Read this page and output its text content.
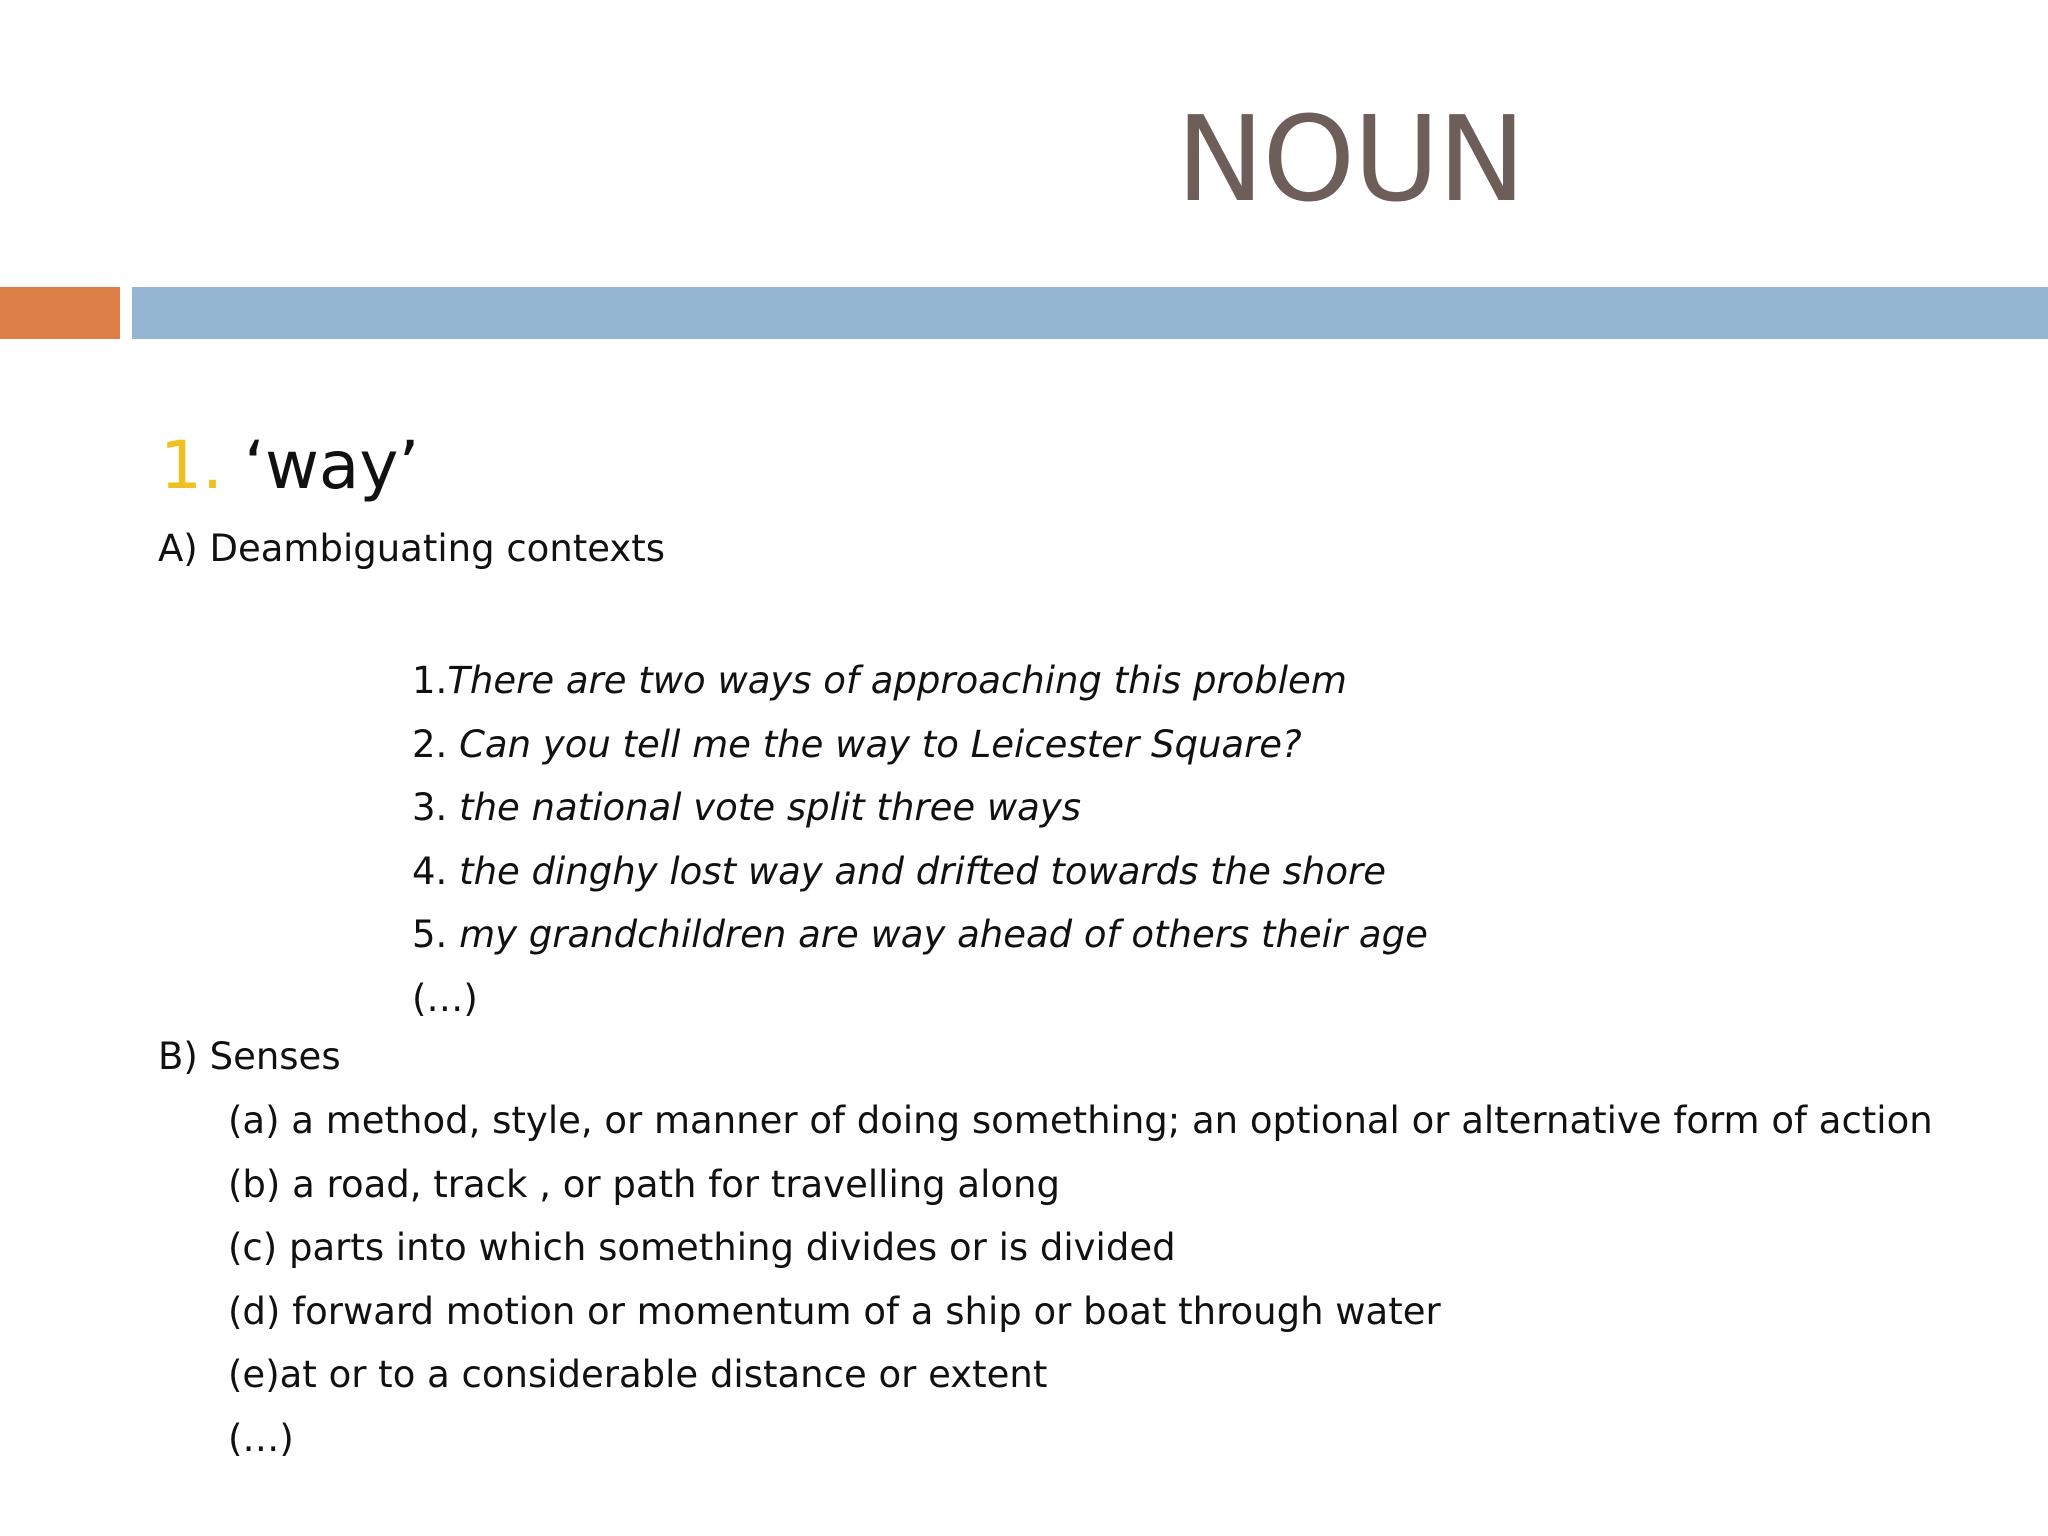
NOUN
1. ‘way’
A) Deambiguating contexts
1.There are two ways of approaching this problem
2. Can you tell me the way to Leicester Square?
3. the national vote split three ways
4. the dinghy lost way and drifted towards the shore
5. my grandchildren are way ahead of others their age
(…)
B) Senses
(a) a method, style, or manner of doing something; an optional or alternative form of action
(b) a road, track , or path for travelling along
(c) parts into which something divides or is divided
(d) forward motion or momentum of a ship or boat through water
(e)at or to a considerable distance or extent
(…)
